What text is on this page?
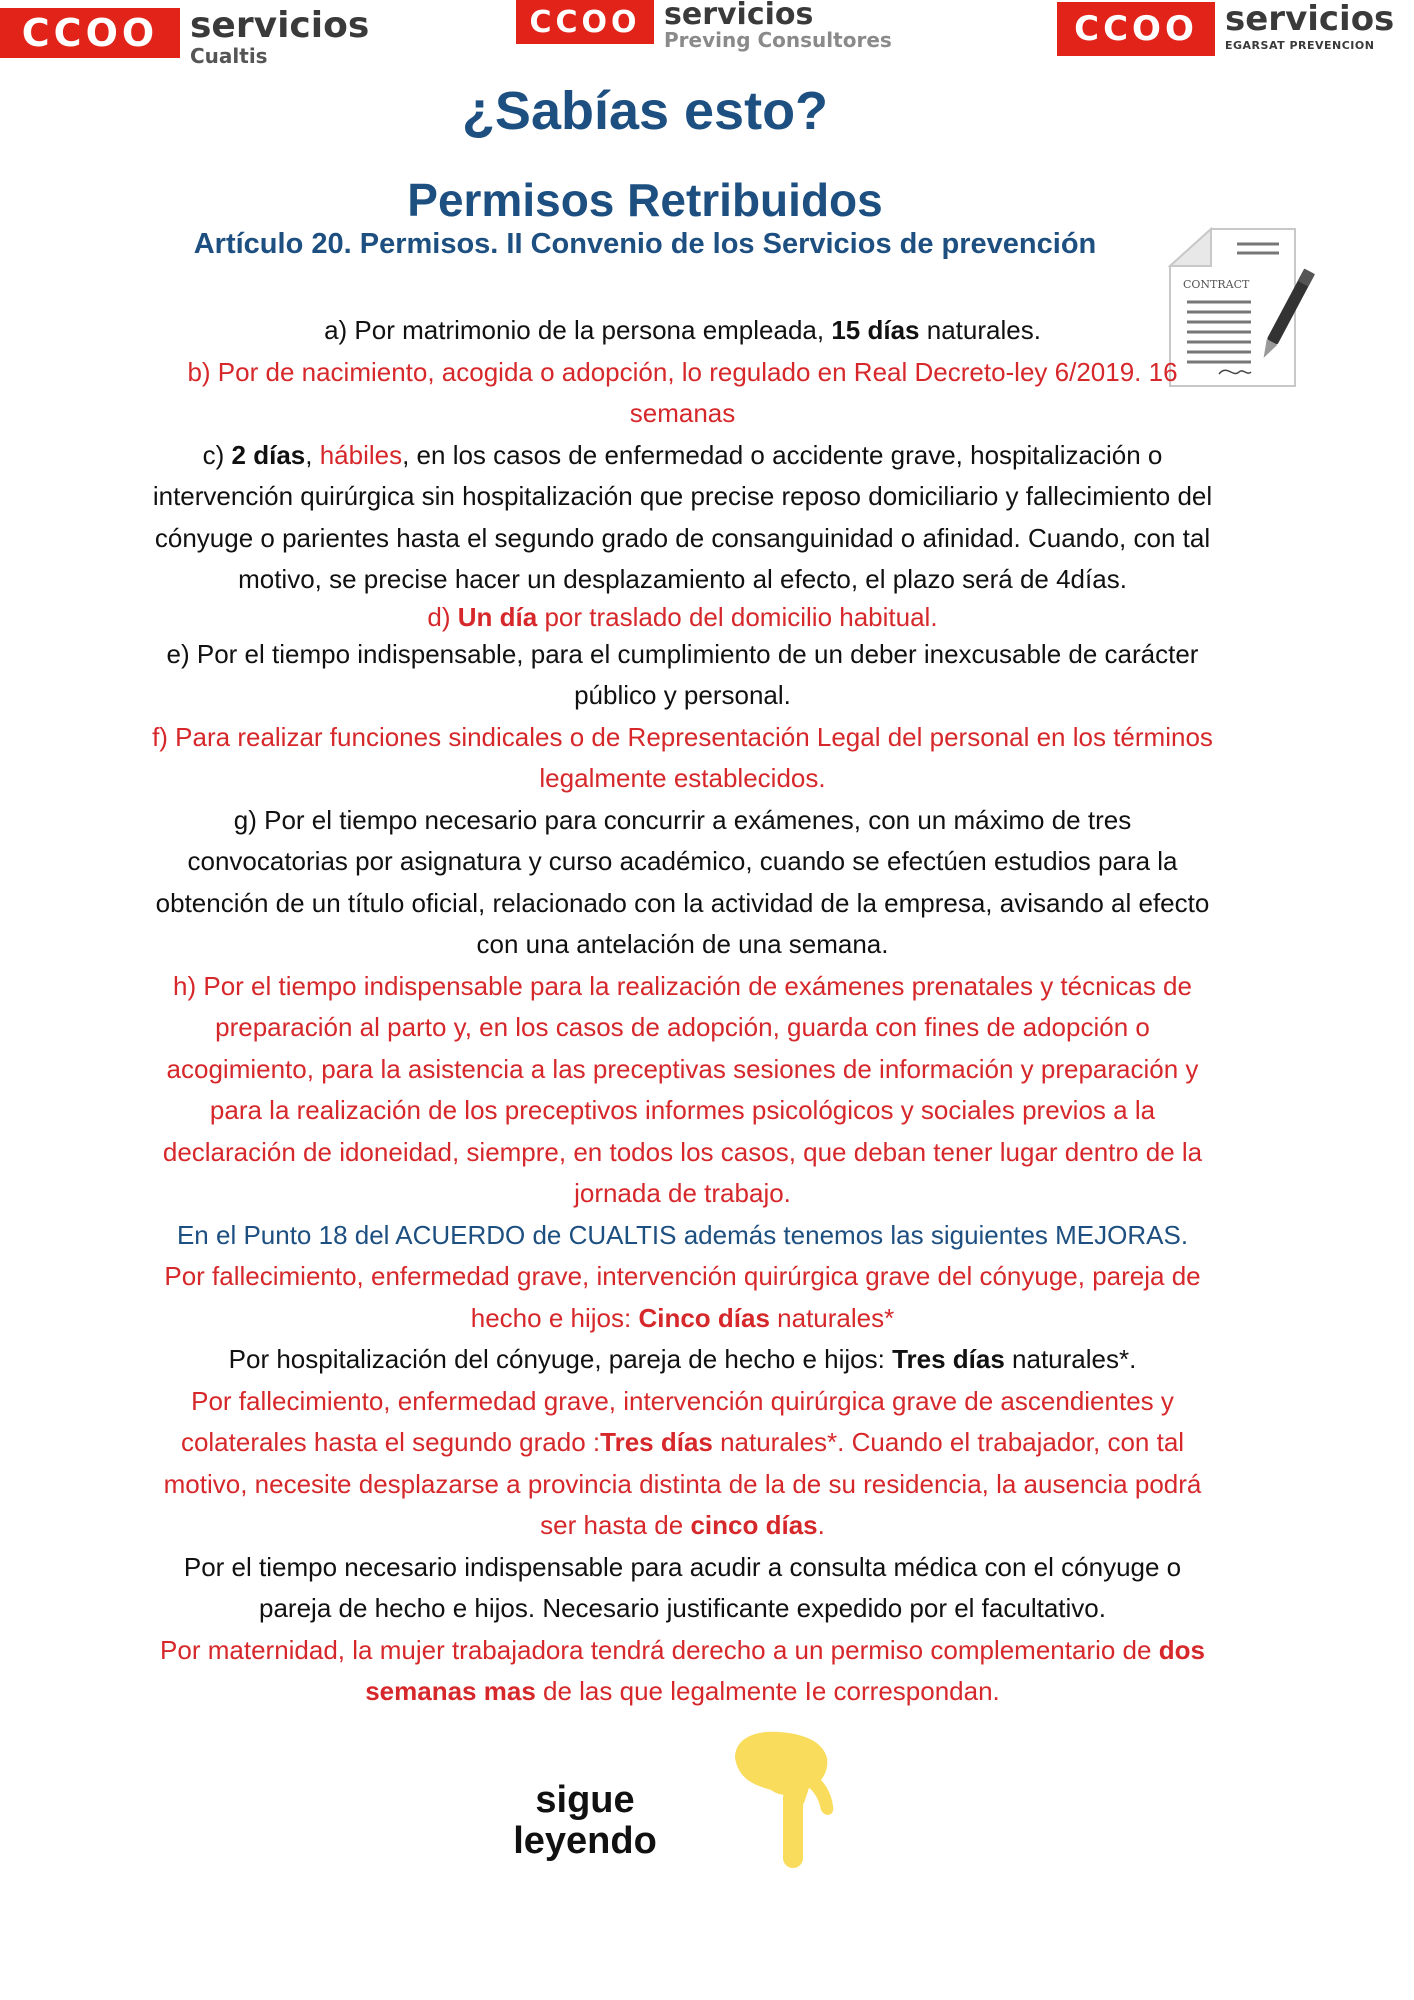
CCOO servicios
Cualtis
CCOO servicios
Preving Consultores	CCOO servicios
EGARSAT PREVENCION
¿Sabías esto?
Permisos Retribuidos
Artículo 20. Permisos. II Convenio de los Servicios de prevención
CONTRACT

a) Por matrimonio de la persona empleada, 15 días naturales.

b) Por de nacimiento, acogida o adopción, lo regulado en Real Decreto-ley 6/2019. 16 semanas

c) 2 días, hábiles, en los casos de enfermedad o accidente grave, hospitalización o intervención quirúrgica sin hospitalización que precise reposo domiciliario y fallecimiento del cónyuge o parientes hasta el segundo grado de consanguinidad o afinidad. Cuando, con tal motivo, se precise hacer un desplazamiento al efecto, el plazo será de 4días.

d) Un día por traslado del domicilio habitual.

e) Por el tiempo indispensable, para el cumplimiento de un deber inexcusable de carácter público y personal.

f) Para realizar funciones sindicales o de Representación Legal del personal en los términos legalmente establecidos.

g) Por el tiempo necesario para concurrir a exámenes, con un máximo de tres convocatorias por asignatura y curso académico, cuando se efectúen estudios para la obtención de un título oficial, relacionado con la actividad de la empresa, avisando al efecto con una antelación de una semana.

h) Por el tiempo indispensable para la realización de exámenes prenatales y técnicas de preparación al parto y, en los casos de adopción, guarda con fines de adopción o acogimiento, para la asistencia a las preceptivas sesiones de información y preparación y para la realización de los preceptivos informes psicológicos y sociales previos a la declaración de idoneidad, siempre, en todos los casos, que deban tener lugar dentro de la jornada de trabajo.

En el Punto 18 del ACUERDO de CUALTIS además tenemos las siguientes MEJORAS.

Por fallecimiento, enfermedad grave, intervención quirúrgica grave del cónyuge, pareja de hecho e hijos: Cinco días naturales*

Por hospitalización del cónyuge, pareja de hecho e hijos: Tres días naturales*.

Por fallecimiento, enfermedad grave, intervención quirúrgica grave de ascendientes y colaterales hasta el segundo grado :Tres días naturales*. Cuando el trabajador, con tal motivo, necesite desplazarse a provincia distinta de la de su residencia, la ausencia podrá ser hasta de cinco días.

Por el tiempo necesario indispensable para acudir a consulta médica con el cónyuge o pareja de hecho e hijos. Necesario justificante expedido por el facultativo.

Por maternidad, la mujer trabajadora tendrá derecho a un permiso complementario de dos semanas mas de las que legalmente Ie correspondan.

sigue
leyendo
